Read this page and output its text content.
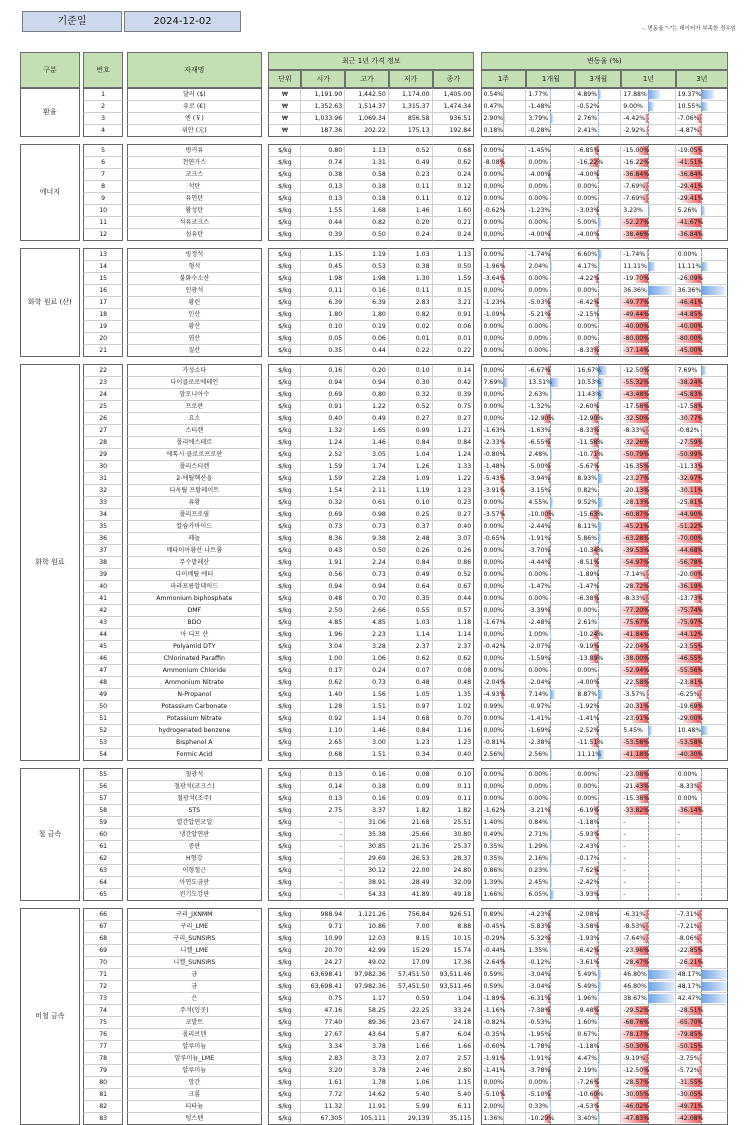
기준일	2024-12-02
-. 변동율 "-"는 데이터가 부족한 경우임
구분		번호		자재명		최근 1년 가격 정보						변동율 (%)				
						단위	시가	고가	저가	종가		1주	1개월	3개월	1년	3년
환율		1		달러 ($)		₩	1,191.90	1,442.50	1,174.00	1,405.00		0.54%	1.77%	4.89%	17.88%	19.37%
		2		유로 (€)		₩	1,352.63	1,514.37	1,315.37	1,474.34		0.47%	-1.48%	-0.52%	9.00%	10.55%
		3		엔 (￥)		₩	1,033.96	1,069.34	856.58	936.51		2.90%	3.79%	2.76%	-4.42%	-7.06%
		4		위안 (元)		₩	187.36	202.22	175.13	192.84		0.18%	-0.28%	2.41%	-2.92%	-4.87%

에너지		5		벙커유		$/kg	0.80	1.13	0.52	0.68		0.00%	-1.45%	-6.85%	-15.00%	-19.05%
		6		천연가스		$/kg	0.74	1.31	0.49	0.62		-8.08%	0.00%	-16.22%	-16.22%	-41.51%
		7		코크스		$/kg	0.38	0.58	0.23	0.24		0.00%	-4.00%	-4.00%	-36.84%	-36.84%
		8		석탄		$/kg	0.13	0.18	0.11	0.12		0.00%	0.00%	0.00%	-7.69%	-29.41%
		9		유연탄		$/kg	0.13	0.18	0.11	0.12		0.00%	0.00%	0.00%	-7.69%	-29.41%
		10		활성탄		$/kg	1.55	1.68	1.46	1.60		-0.62%	-1.23%	-3.03%	3.23%	5.26%
		11		석유코크스		$/kg	0.44	0.82	0.20	0.21		0.00%	0.00%	5.00%	-52.27%	-41.67%
		12		섬유탄		$/kg	0.39	0.50	0.24	0.24		0.00%	-4.00%	-4.00%	-38.46%	-36.84%

화학 원료 (산)		13		빙정석		$/kg	1.15	1.19	1.03	1.13		0.00%	-1.74%	6.60%	-1.74%	0.00%
		14		형석		$/kg	0.45	0.53	0.38	0.50		-1.96%	2.04%	4.17%	11.11%	11.11%
		15		불화수소산		$/kg	1.98	1.98	1.30	1.59		-3.64%	0.00%	-4.22%	-19.70%	-26.09%
		16		인광석		$/kg	0.11	0.16	0.11	0.15		0.00%	0.00%	0.00%	36.36%	36.36%
		17		황린		$/kg	6.39	6.39	2.83	3.21		-1.23%	-5.03%	-6.42%	-49.77%	-46.41%
		18		인산		$/kg	1.80	1.80	0.82	0.91		-1.09%	-5.21%	-2.15%	-49.44%	-44.85%
		19		황산		$/kg	0.10	0.19	0.02	0.06		0.00%	0.00%	0.00%	-40.00%	-40.00%
		20		염산		$/kg	0.05	0.06	0.01	0.01		0.00%	0.00%	0.00%	-80.00%	-80.00%
		21		질산		$/kg	0.35	0.44	0.22	0.22		0.00%	0.00%	-8.33%	-37.14%	-45.00%

화학 원료		22		가성소다		$/kg	0.16	0.20	0.10	0.14		0.00%	-6.67%	16.67%	-12.50%	7.69%
		23		다이클로로에테인		$/kg	0.94	0.94	0.30	0.42		7.69%	13.51%	10.53%	-55.32%	-38.24%
		24		암모니아수		$/kg	0.69	0.80	0.32	0.39		0.00%	2.63%	11.43%	-43.48%	-45.83%
		25		프로판		$/kg	0.91	1.22	0.52	0.75		0.00%	-1.32%	-2.60%	-17.58%	-17.58%
		26		요소		$/kg	0.40	0.49	0.27	0.27		0.00%	-12.90%	-12.90%	-32.50%	-30.77%
		27		스티렌		$/kg	1.32	1.65	0.99	1.21		-1.63%	-1.63%	-8.33%	-8.33%	-0.82%
		28		폴리에스테르		$/kg	1.24	1.46	0.84	0.84		-2.33%	-6.55%	-11.58%	-32.26%	-27.59%
		29		에톡시 클로로프로판		$/kg	2.52	3.05	1.04	1.24		-0.80%	2.48%	-10.71%	-50.79%	-50.99%
		30		폴리스티렌		$/kg	1.59	1.74	1.26	1.33		-1.48%	-5.00%	-5.67%	-16.35%	-11.33%
		31		2-에틸헥산올		$/kg	1.59	2.28	1.09	1.22		-5.43%	-3.94%	8.93%	-23.27%	-32.97%
		32		디옥틸 프탈레이트		$/kg	1.54	2.11	1.19	1.23		-3.91%	-3.15%	0.82%	-20.13%	-30.11%
		33		유황		$/kg	0.32	0.61	0.10	0.23		0.00%	4.55%	9.52%	-28.13%	-25.81%
		34		폴리프로필		$/kg	0.69	0.98	0.25	0.27		-3.57%	-10.00%	-15.63%	-60.87%	-44.90%
		35		칼슘카바이드		$/kg	0.73	0.73	0.37	0.40		0.00%	-2.44%	8.11%	-45.21%	-51.22%
		36		페놀		$/kg	8.36	9.38	2.48	3.07		-0.65%	-1.91%	5.86%	-63.28%	-70.00%
		37		메타이아황산 나트륨		$/kg	0.43	0.50	0.26	0.26		0.00%	-3.70%	-10.34%	-39.53%	-44.68%
		38		무수말레산		$/kg	1.91	2.24	0.84	0.86		0.00%	-4.44%	-8.51%	-54.97%	-56.78%
		39		다이메틸 에터		$/kg	0.56	0.73	0.49	0.52		0.00%	0.00%	-1.89%	-7.14%	-20.00%
		40		파라포름알데히드		$/kg	0.94	0.94	0.64	0.67		0.00%	-1.47%	-1.47%	-28.72%	-36.19%
		41		Ammonium biphosphate		$/kg	0.48	0.70	0.35	0.44		0.00%	0.00%	-6.38%	-8.33%	-13.73%
		42		DMF		$/kg	2.50	2.66	0.55	0.57		0.00%	-3.39%	0.00%	-77.20%	-75.74%
		43		BDO		$/kg	4.85	4.85	1.03	1.18		-1.67%	-2.48%	2.61%	-75.67%	-75.97%
		44		아 디프 산		$/kg	1.96	2.23	1.14	1.14		0.00%	1.00%	-10.24%	-41.84%	-44.12%
		45		Polyamid DTY		$/kg	3.04	3.28	2.37	2.37		-0.42%	-2.07%	-9.19%	-22.04%	-23.55%
		46		Chlorinated Paraffin		$/kg	1.00	1.06	0.62	0.62		0.00%	-1.59%	-13.89%	-38.00%	-46.55%
		47		Ammonium Chloride		$/kg	0.17	0.24	0.07	0.08		0.00%	0.00%	0.00%	-52.94%	-55.56%
		48		Ammonium Nitrate		$/kg	0.62	0.73	0.48	0.48		-2.04%	-2.04%	-4.00%	-22.58%	-23.81%
		49		N-Propanol		$/kg	1.40	1.56	1.05	1.35		-4.93%	7.14%	8.87%	-3.57%	-6.25%
		50		Potassium Carbonate		$/kg	1.28	1.51	0.97	1.02		0.99%	-0.97%	-1.92%	-20.31%	-19.69%
		51		Potassium Nitrate		$/kg	0.92	1.14	0.68	0.70		0.00%	-1.41%	-1.41%	-23.91%	-29.00%
		52		hydrogenated benzene		$/kg	1.10	1.46	0.84	1.16		0.00%	-1.69%	-2.52%	5.45%	10.48%
		53		Bisphenol A		$/kg	2.65	3.00	1.23	1.23		-0.81%	-2.38%	-11.51%	-53.58%	-53.58%
		54		Formic Acid		$/kg	0.68	1.51	0.34	0.40		2.56%	2.56%	11.11%	-41.18%	-40.30%

철 금속		55		철광석		$/kg	0.13	0.16	0.08	0.10		0.00%	0.00%	0.00%	-23.08%	0.00%
		56		철광석(코크스)		$/kg	0.14	0.18	0.09	0.11		0.00%	0.00%	0.00%	-21.43%	-8.33%
		57		철광석(조주)		$/kg	0.13	0.16	0.09	0.11		0.00%	0.00%	0.00%	-15.38%	0.00%
		58		STS		$/kg	2.75	3.37	1.82	1.82		-1.62%	-3.21%	-6.19%	-33.82%	-36.14%
		59		열간압연코일		$/kg	-	31.06	21.68	25.51		1.40%	0.84%	-1.18%	-	-
		60		냉간압연판		$/kg	-	35.38	25.66	30.80		0.49%	2.71%	-5.93%	-	-
		61		중판		$/kg	-	30.85	21.36	25.37		0.35%	1.29%	-2.43%	-	-
		62		H형강		$/kg	-	29.69	26.53	28.37		0.35%	2.16%	-0.17%	-	-
		63		이형철근		$/kg	-	30.12	22.00	24.80		0.86%	0.23%	-7.62%	-	-
		64		아연도금판		$/kg	-	38.91	28.49	32.09		1.39%	2.45%	-2.42%	-	-
		65		전기도강판		$/kg	-	54.33	41.89	49.18		1.66%	6.05%	-3.93%	-	-

비철 금속		66		구리_JXNMM		$/kg	988.94	1,121.26	756.84	926.51		0.89%	-4.23%	-2.08%	-6.31%	-7.31%
		67		구리_LME		$/kg	9.71	10.86	7.00	8.88		-0.45%	-5.83%	-3.58%	-8.53%	-7.21%
		68		구리_SUNSIRS		$/kg	10.99	12.03	8.15	10.15		-0.29%	-5.32%	-1.93%	-7.64%	-8.06%
		69		니켈_LME		$/kg	20.70	42.99	15.29	15.74		-0.44%	1.35%	-6.42%	-23.96%	-22.85%
		70		니켈_SUNSIRS		$/kg	24.27	49.02	17.09	17.36		-2.64%	-0.12%	-3.61%	-28.47%	-26.21%
		71		금		$/kg	63,698.41	97,982.36	57,451.50	93,511.46		0.59%	-3.04%	5.49%	46.80%	48.17%
		72		금		$/kg	63,698.41	97,982.36	57,451.50	93,511.46		0.59%	-3.04%	5.49%	46.80%	48.17%
		73		은		$/kg	0.75	1.17	0.59	1.04		-1.89%	-6.31%	1.96%	38.67%	42.47%
		74		주석(잉곳)		$/kg	47.16	58.25	22.25	33.24		-1.16%	-7.38%	-9.48%	-29.52%	-28.51%
		75		코발트		$/kg	77.40	89.36	23.67	24.18		-0.82%	-0.53%	1.60%	-68.76%	-65.70%
		76		몰리브덴		$/kg	27.67	43.64	5.87	6.04		-0.35%	-1.95%	0.67%	-78.17%	-79.85%
		77		알루미늄		$/kg	3.34	3.78	1.66	1.66		-0.60%	-1.78%	-1.18%	-50.30%	-50.15%
		78		알루미늄_LME		$/kg	2.83	3.73	2.07	2.57		-1.91%	-1.91%	4.47%	-9.19%	-3.75%
		79		알루미늄		$/kg	3.20	3.78	2.46	2.80		-1.41%	-3.78%	2.19%	-12.50%	-5.72%
		80		망간		$/kg	1.61	1.78	1.06	1.15		0.00%	0.00%	-7.26%	-28.57%	-31.55%
		81		크롬		$/kg	7.72	14.62	5.40	5.40		-5.10%	-5.10%	-10.60%	-30.05%	-30.05%
		82		티타늄		$/kg	11.32	11.91	5.99	6.11		2.00%	0.33%	-4.53%	-46.02%	-49.71%
		83		텅스텐		$/kg	67,305	105,111	29,139	35,115		1.36%	-10.29%	3.40%	-47.83%	-42.08%
